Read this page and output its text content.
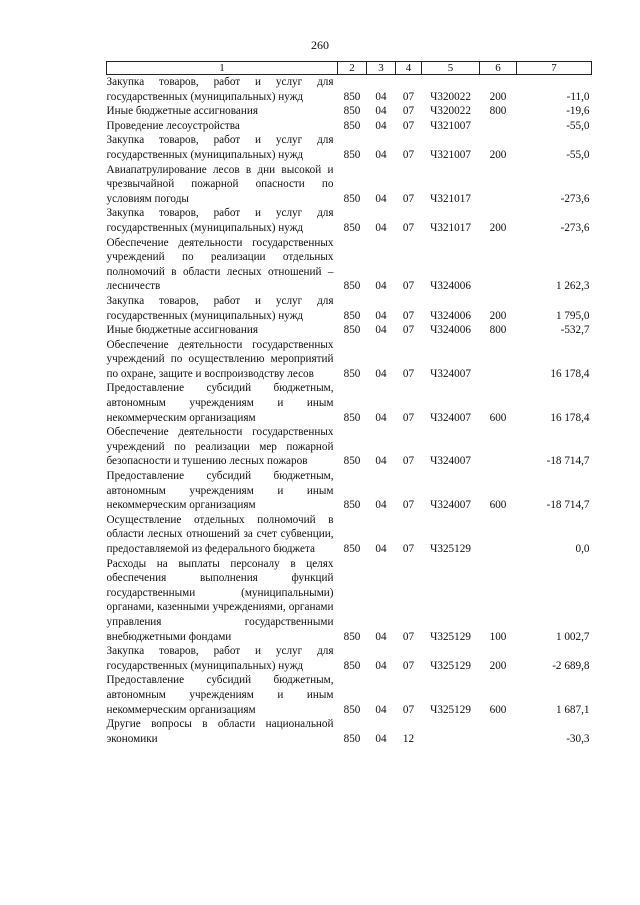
260
1	2	3	4	5	6	7
Закупка товаров, работ и услуг для государственных (муниципальных) нужд	850	04	07	Ч320022	200	-11,0
Иные бюджетные ассигнования	850	04	07	Ч320022	800	-19,6
Проведение лесоустройства	850	04	07	Ч321007		-55,0
Закупка товаров, работ и услуг для государственных (муниципальных) нужд	850	04	07	Ч321007	200	-55,0
Авиапатрулирование лесов в дни высокой и чрезвычайной пожарной опасности по условиям погоды	850	04	07	Ч321017		-273,6
Закупка товаров, работ и услуг для государственных (муниципальных) нужд	850	04	07	Ч321017	200	-273,6
Обеспечение деятельности государственных учреждений по реализации отдельных полномочий в области лесных отношений – лесничеств	850	04	07	Ч324006		1 262,3
Закупка товаров, работ и услуг для государственных (муниципальных) нужд	850	04	07	Ч324006	200	1 795,0
Иные бюджетные ассигнования	850	04	07	Ч324006	800	-532,7
Обеспечение деятельности государственных учреждений по осуществлению мероприятий по охране, защите и воспроизводству лесов	850	04	07	Ч324007		16 178,4
Предоставление субсидий бюджетным, автономным учреждениям и иным некоммерческим организациям	850	04	07	Ч324007	600	16 178,4
Обеспечение деятельности государственных учреждений по реализации мер пожарной безопасности и тушению лесных пожаров	850	04	07	Ч324007		-18 714,7
Предоставление субсидий бюджетным, автономным учреждениям и иным некоммерческим организациям	850	04	07	Ч324007	600	-18 714,7
Осуществление отдельных полномочий в области лесных отношений за счет субвенции, предоставляемой из федерального бюджета	850	04	07	Ч325129		0,0
Расходы на выплаты персоналу в целях обеспечения выполнения функций государственными (муниципальными) органами, казенными учреждениями, органами управления государственными внебюджетными фондами	850	04	07	Ч325129	100	1 002,7
Закупка товаров, работ и услуг для государственных (муниципальных) нужд	850	04	07	Ч325129	200	-2 689,8
Предоставление субсидий бюджетным, автономным учреждениям и иным некоммерческим организациям	850	04	07	Ч325129	600	1 687,1
Другие вопросы в области национальной экономики	850	04	12			-30,3
